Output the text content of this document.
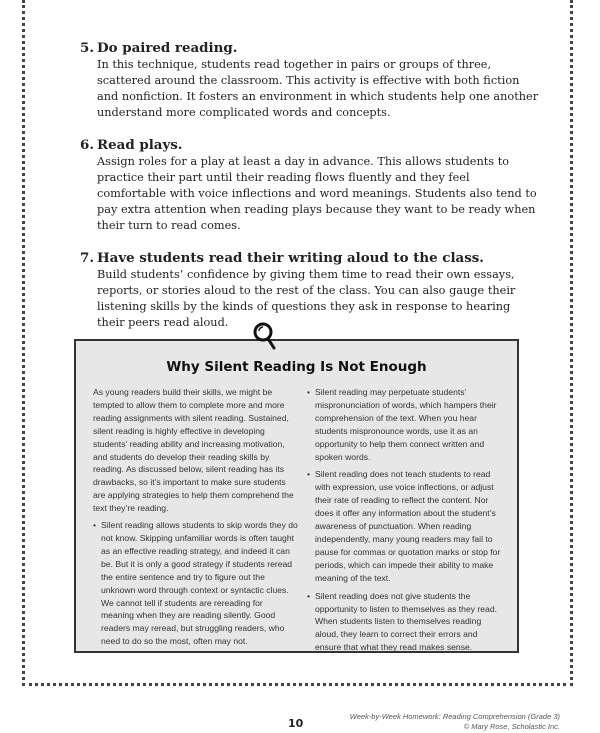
5. Do paired reading.
In this technique, students read together in pairs or groups of three, scattered around the classroom. This activity is effective with both fiction and nonfiction. It fosters an environment in which students help one another understand more complicated words and concepts.
6. Read plays.
Assign roles for a play at least a day in advance. This allows students to practice their part until their reading flows fluently and they feel comfortable with voice inflections and word meanings. Students also tend to pay extra attention when reading plays because they want to be ready when their turn to read comes.
7. Have students read their writing aloud to the class.
Build students’ confidence by giving them time to read their own essays, reports, or stories aloud to the rest of the class. You can also gauge their listening skills by the kinds of questions they ask in response to hearing their peers read aloud.
Why Silent Reading Is Not Enough

As young readers build their skills, we might be tempted to allow them to complete more and more reading assignments with silent reading. Sustained, silent reading is highly effective in developing students’ reading ability and increasing motivation, and students do develop their reading skills by reading. As discussed below, silent reading has its drawbacks, so it’s important to make sure students are applying strategies to help them comprehend the text they’re reading.

• Silent reading allows students to skip words they do not know. Skipping unfamiliar words is often taught as an effective reading strategy, and indeed it can be. But it is only a good strategy if students reread the entire sentence and try to figure out the unknown word through context or syntactic clues. We cannot tell if students are rereading for meaning when they are reading silently. Good readers may reread, but struggling readers, who need to do so the most, often may not.
• Silent reading may perpetuate students’ mispronunciation of words, which hampers their comprehension of the text. When you hear students mispronounce words, use it as an opportunity to help them connect written and spoken words.
• Silent reading does not teach students to read with expression, use voice inflections, or adjust their rate of reading to reflect the content. Nor does it offer any information about the student’s awareness of punctuation. When reading independently, many young readers may fail to pause for commas or quotation marks or stop for periods, which can impede their ability to make meaning of the text.
• Silent reading does not give students the opportunity to listen to themselves as they read. When students listen to themselves reading aloud, they learn to correct their errors and ensure that what they read makes sense.
10
Week-by-Week Homework: Reading Comprehension (Grade 3)
© Mary Rose, Scholastic Inc.
